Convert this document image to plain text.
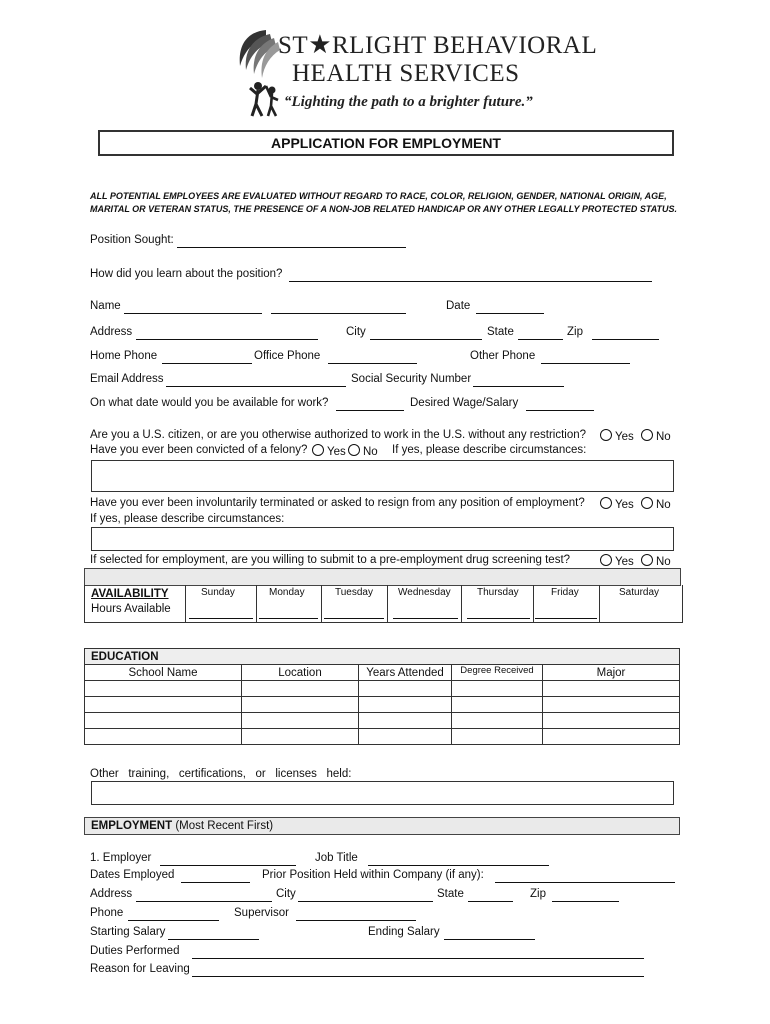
ST★RLIGHT BEHAVIORAL
HEALTH SERVICES
“Lighting the path to a brighter future.”
APPLICATION FOR EMPLOYMENT
ALL POTENTIAL EMPLOYEES ARE EVALUATED WITHOUT REGARD TO RACE, COLOR, RELIGION, GENDER, NATIONAL ORIGIN, AGE, MARITAL OR VETERAN STATUS, THE PRESENCE OF A NON-JOB RELATED HANDICAP OR ANY OTHER LEGALLY PROTECTED STATUS.
Position Sought:
How did you learn about the position?
Name	Date
Address	City	State	Zip
Home Phone	Office Phone	Other Phone
Email Address	Social Security Number
On what date would you be available for work?	Desired Wage/Salary
Are you a U.S. citizen, or are you otherwise authorized to work in the U.S. without any restriction?	Yes	No
Have you ever been convicted of a felony?	Yes	No If yes, please describe circumstances:
Have you ever been involuntarily terminated or asked to resign from any position of employment?	Yes	No
If yes, please describe circumstances:
If selected for employment, are you willing to submit to a pre-employment drug screening test?	Yes	No
AVAILABILITY
Hours Available
Sunday	Monday	Tuesday	Wednesday	Thursday	Friday	Saturday
EDUCATION				
School Name	Location	Years Attended	Degree Received	Major

Other   training,   certifications,   or   licenses   held:
EMPLOYMENT (Most Recent First)
1. Employer	Job Title
Dates Employed	Prior Position Held within Company (if any):
Address	City	State	Zip
Phone	Supervisor
Starting Salary	Ending Salary
Duties Performed
Reason for Leaving
